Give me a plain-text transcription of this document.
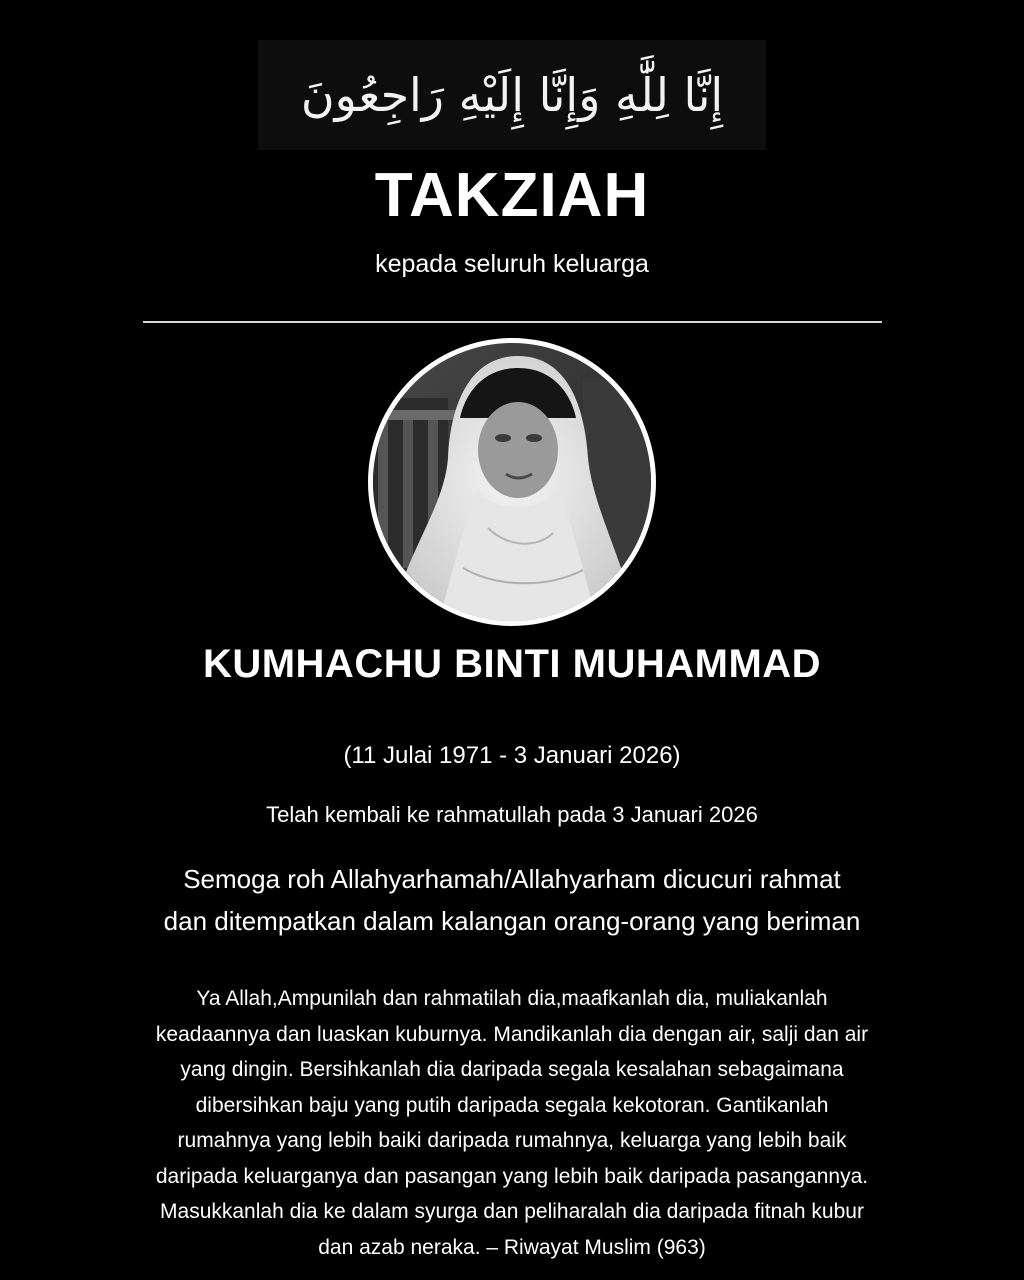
إِنَّا لِلَّٰهِ وَإِنَّا إِلَيْهِ رَاجِعُونَ
TAKZIAH
kepada seluruh keluarga
KUMHACHU BINTI MUHAMMAD
(11 Julai 1971 - 3 Januari 2026)
Telah kembali ke rahmatullah pada 3 Januari 2026
Semoga roh Allahyarhamah/Allahyarham dicucuri rahmat
dan ditempatkan dalam kalangan orang-orang yang beriman
Ya Allah,Ampunilah dan rahmatilah dia,maafkanlah dia, muliakanlah
keadaannya dan luaskan kuburnya. Mandikanlah dia dengan air, salji dan air
yang dingin. Bersihkanlah dia daripada segala kesalahan sebagaimana
dibersihkan baju yang putih daripada segala kekotoran. Gantikanlah
rumahnya yang lebih baiki daripada rumahnya, keluarga yang lebih baik
daripada keluarganya dan pasangan yang lebih baik daripada pasangannya.
Masukkanlah dia ke dalam syurga dan peliharalah dia daripada fitnah kubur
dan azab neraka. – Riwayat Muslim (963)
